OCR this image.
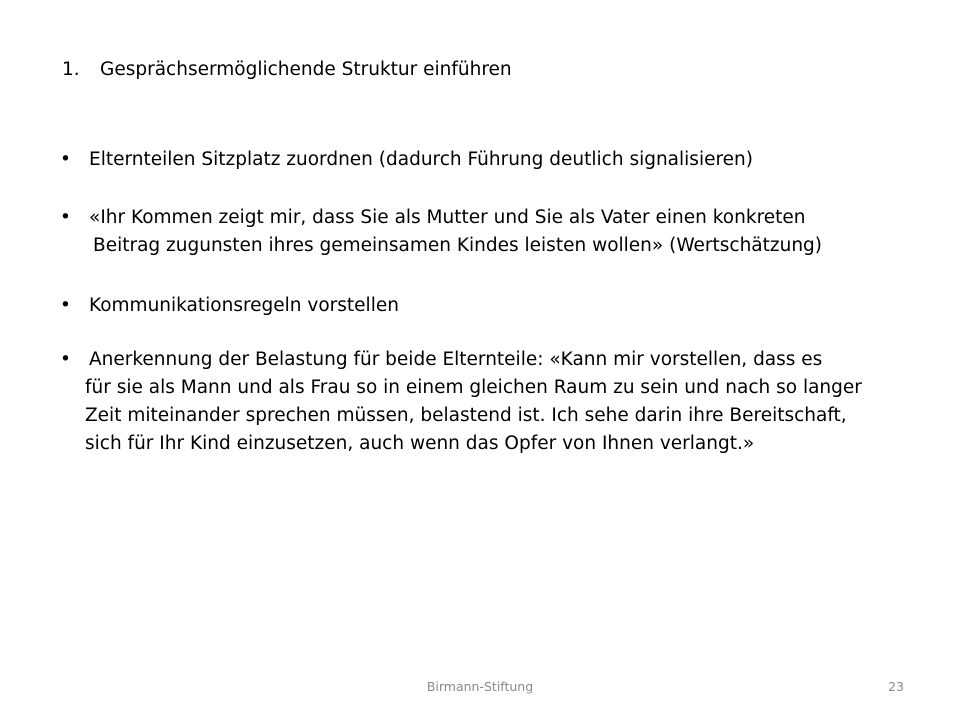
1. Gesprächsermöglichende Struktur einführen
• Elternteilen Sitzplatz zuordnen (dadurch Führung deutlich signalisieren)
• «Ihr Kommen zeigt mir, dass Sie als Mutter und Sie als Vater einen konkreten
Beitrag zugunsten ihres gemeinsamen Kindes leisten wollen» (Wertschätzung)
• Kommunikationsregeln vorstellen
• Anerkennung der Belastung für beide Elternteile: «Kann mir vorstellen, dass es
für sie als Mann und als Frau so in einem gleichen Raum zu sein und nach so langer
Zeit miteinander sprechen müssen, belastend ist. Ich sehe darin ihre Bereitschaft,
sich für Ihr Kind einzusetzen, auch wenn das Opfer von Ihnen verlangt.»
Birmann-Stiftung	23
